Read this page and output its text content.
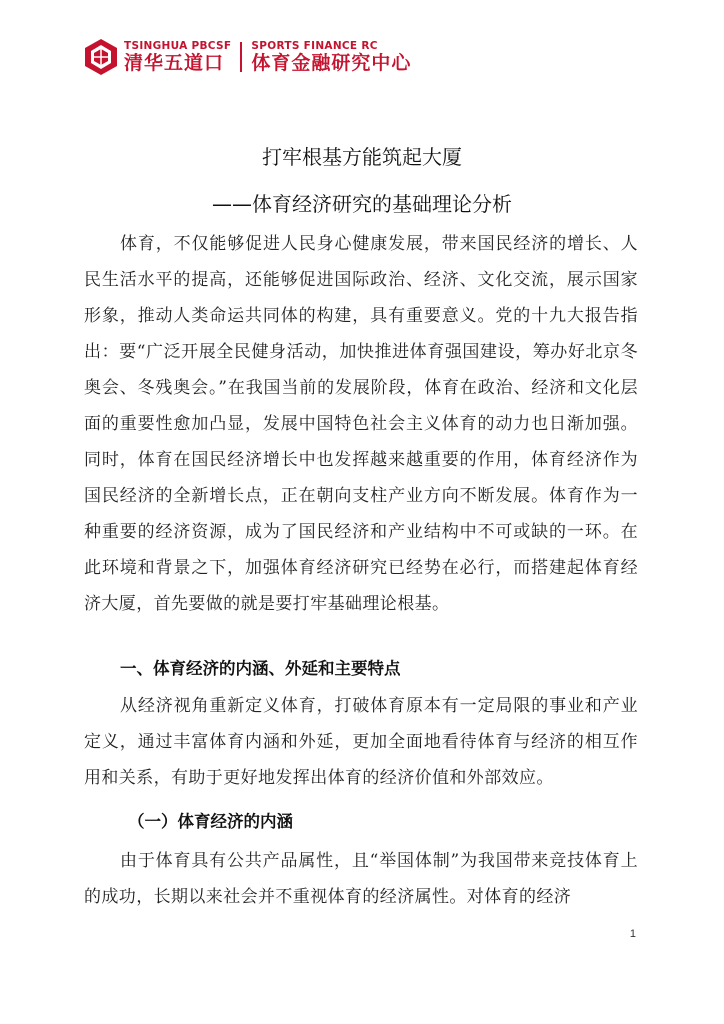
TSINGHUA PBCSF
清华五道口
SPORTS FINANCE RC
体育金融研究中心
打牢根基方能筑起大厦
——体育经济研究的基础理论分析

体育，不仅能够促进人民身心健康发展，带来国民经济的增长、人民生活水平的提高，还能够促进国际政治、经济、文化交流，展示国家形象，推动人类命运共同体的构建，具有重要意义。党的十九大报告指出：要“广泛开展全民健身活动，加快推进体育强国建设，筹办好北京冬奥会、冬残奥会。”在我国当前的发展阶段，体育在政治、经济和文化层面的重要性愈加凸显，发展中国特色社会主义体育的动力也日渐加强。同时，体育在国民经济增长中也发挥越来越重要的作用，体育经济作为国民经济的全新增长点，正在朝向支柱产业方向不断发展。体育作为一种重要的经济资源，成为了国民经济和产业结构中不可或缺的一环。在此环境和背景之下，加强体育经济研究已经势在必行，而搭建起体育经济大厦，首先要做的就是要打牢基础理论根基。

一、体育经济的内涵、外延和主要特点

从经济视角重新定义体育，打破体育原本有一定局限的事业和产业定义，通过丰富体育内涵和外延，更加全面地看待体育与经济的相互作用和关系，有助于更好地发挥出体育的经济价值和外部效应。

（一）体育经济的内涵

由于体育具有公共产品属性，且“举国体制”为我国带来竞技体育上的成功，长期以来社会并不重视体育的经济属性。对体育的经济

1
